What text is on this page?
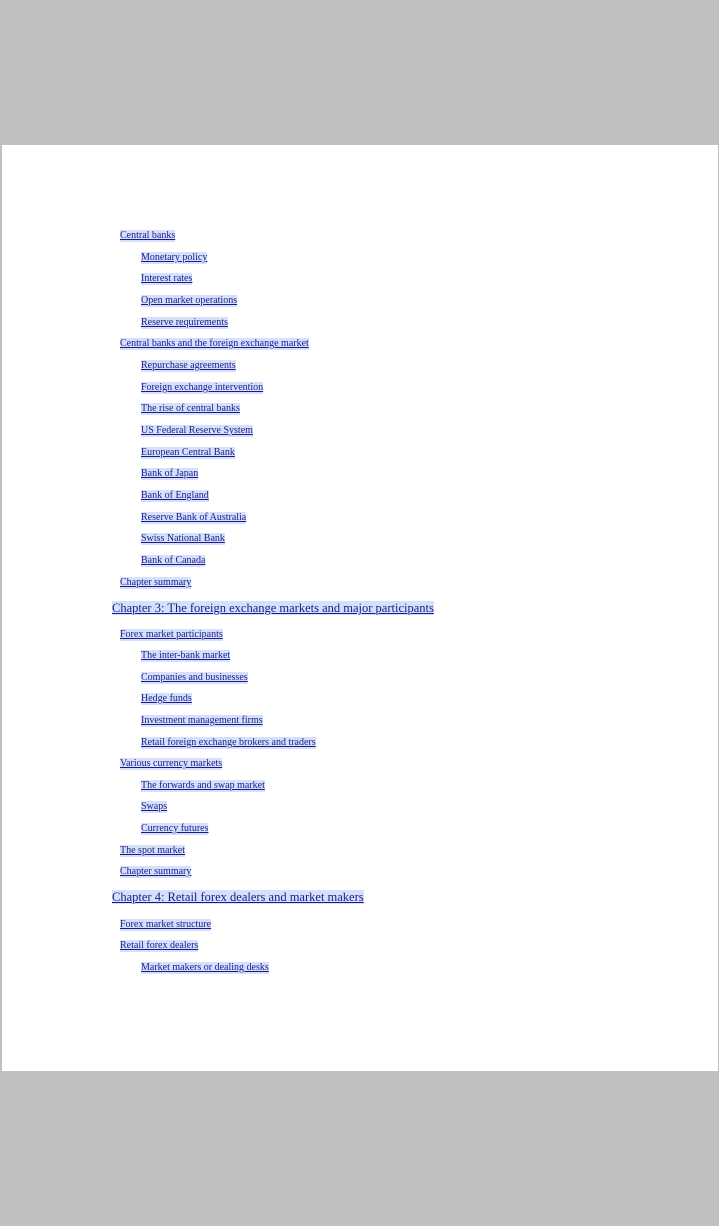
Central banks
Monetary policy
Interest rates
Open market operations
Reserve requirements
Central banks and the foreign exchange market
Repurchase agreements
Foreign exchange intervention
The rise of central banks
US Federal Reserve System
European Central Bank
Bank of Japan
Bank of England
Reserve Bank of Australia
Swiss National Bank
Bank of Canada
Chapter summary
Chapter 3: The foreign exchange markets and major participants
Forex market participants
The inter-bank market
Companies and businesses
Hedge funds
Investment management firms
Retail foreign exchange brokers and traders
Various currency markets
The forwards and swap market
Swaps
Currency futures
The spot market
Chapter summary
Chapter 4: Retail forex dealers and market makers
Forex market structure
Retail forex dealers
Market makers or dealing desks
